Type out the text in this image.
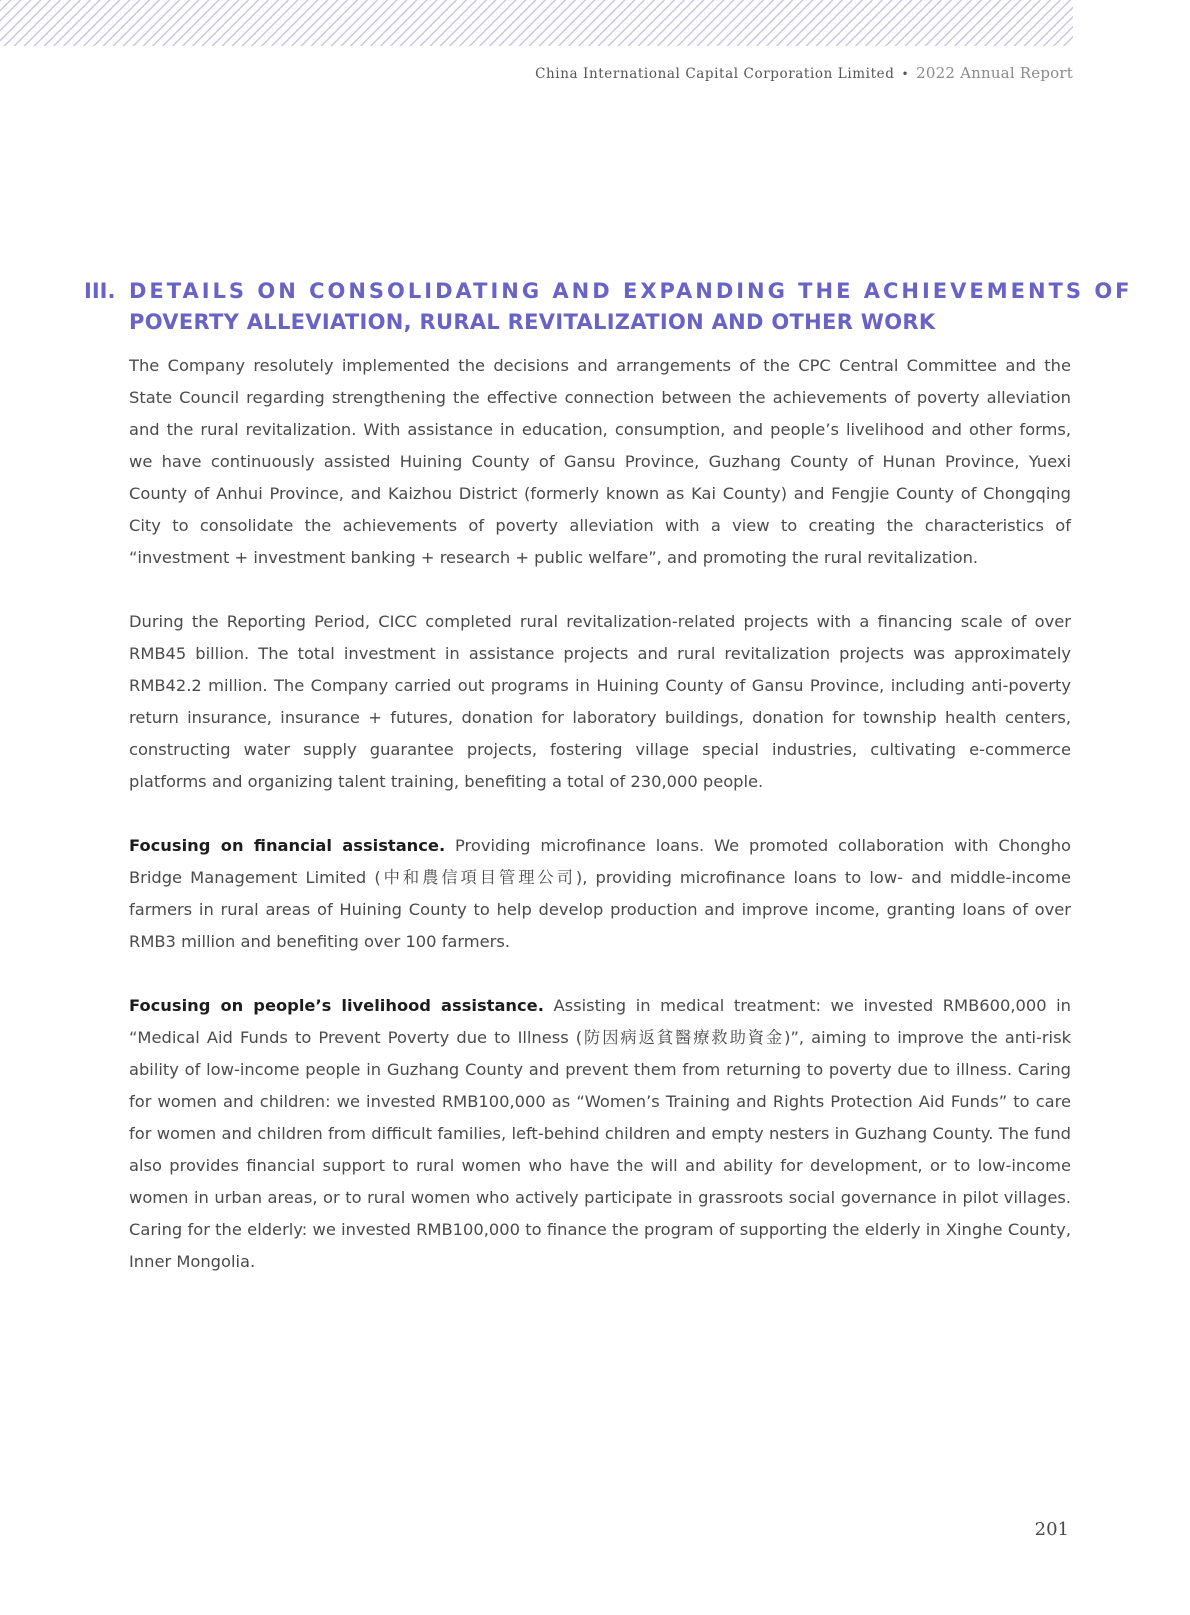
China International Capital Corporation Limited • 2022 Annual Report
III. DETAILS ON CONSOLIDATING AND EXPANDING THE ACHIEVEMENTS OF
POVERTY ALLEVIATION, RURAL REVITALIZATION AND OTHER WORK

The Company resolutely implemented the decisions and arrangements of the CPC Central Committee and the State Council regarding strengthening the effective connection between the achievements of poverty alleviation and the rural revitalization. With assistance in education, consumption, and people’s livelihood and other forms, we have continuously assisted Huining County of Gansu Province, Guzhang County of Hunan Province, Yuexi County of Anhui Province, and Kaizhou District (formerly known as Kai County) and Fengjie County of Chongqing City to consolidate the achievements of poverty alleviation with a view to creating the characteristics of “investment + investment banking + research + public welfare”, and promoting the rural revitalization.

During the Reporting Period, CICC completed rural revitalization-related projects with a financing scale of over RMB45 billion. The total investment in assistance projects and rural revitalization projects was approximately RMB42.2 million. The Company carried out programs in Huining County of Gansu Province, including anti-poverty return insurance, insurance + futures, donation for laboratory buildings, donation for township health centers, constructing water supply guarantee projects, fostering village special industries, cultivating e-commerce platforms and organizing talent training, benefiting a total of 230,000 people.

Focusing on financial assistance. Providing microfinance loans. We promoted collaboration with Chongho Bridge Management Limited (中和農信項目管理公司), providing microfinance loans to low- and middle-income farmers in rural areas of Huining County to help develop production and improve income, granting loans of over RMB3 million and benefiting over 100 farmers.

Focusing on people’s livelihood assistance. Assisting in medical treatment: we invested RMB600,000 in “Medical Aid Funds to Prevent Poverty due to Illness (防因病返貧醫療救助資金)”, aiming to improve the anti-risk ability of low-income people in Guzhang County and prevent them from returning to poverty due to illness. Caring for women and children: we invested RMB100,000 as “Women’s Training and Rights Protection Aid Funds” to care for women and children from difficult families, left-behind children and empty nesters in Guzhang County. The fund also provides financial support to rural women who have the will and ability for development, or to low-income women in urban areas, or to rural women who actively participate in grassroots social governance in pilot villages. Caring for the elderly: we invested RMB100,000 to finance the program of supporting the elderly in Xinghe County, Inner Mongolia.

201
